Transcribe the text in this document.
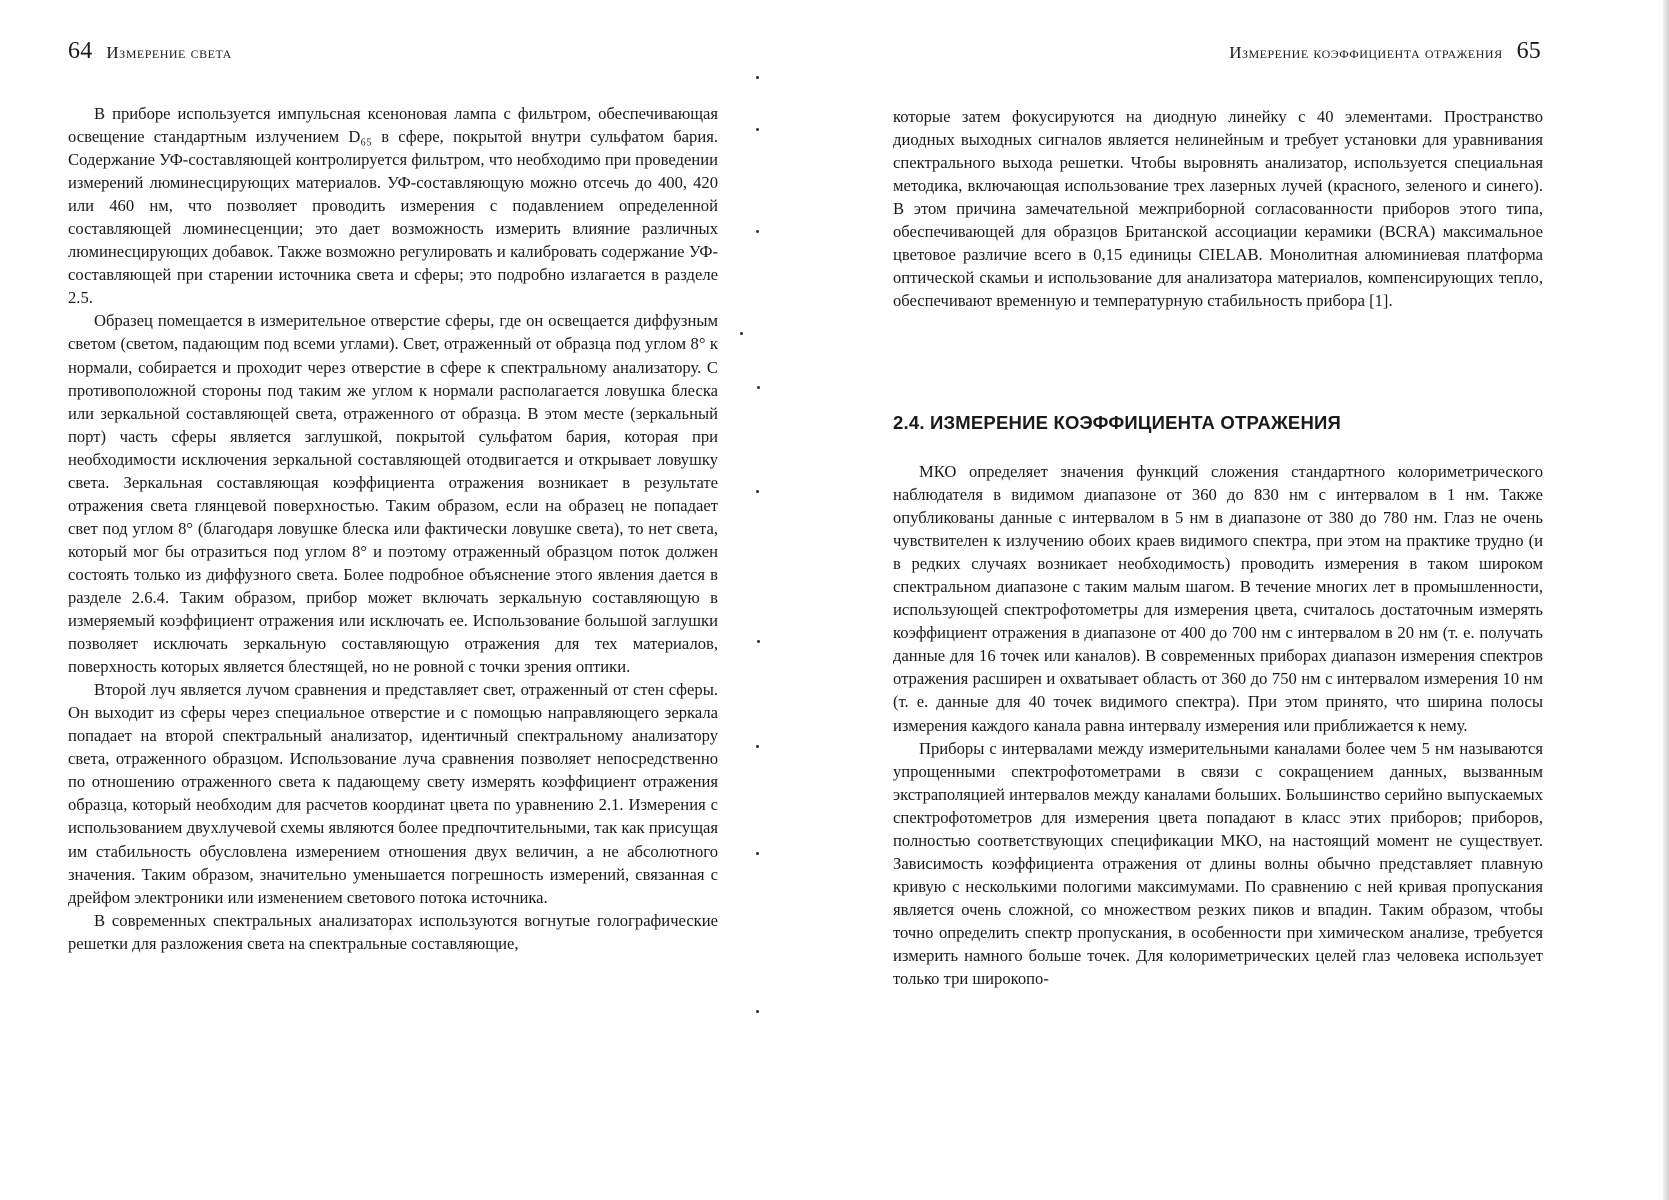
64 Измерение света

В приборе используется импульсная ксеноновая лампа с фильтром, обеспечивающая освещение стандартным излучением D₆₅ в сфере, покрытой внутри сульфатом бария. Содержание УФ-составляющей контролируется фильтром, что необходимо при проведении измерений люминесцирующих материалов. УФ-составляющую можно отсечь до 400, 420 или 460 нм, что позволяет проводить измерения с подавлением определенной составляющей люминесценции; это дает возможность измерить влияние различных люминесцирующих добавок. Также возможно регулировать и калибровать содержание УФ-составляющей при старении источника света и сферы; это подробно излагается в разделе 2.5.

Образец помещается в измерительное отверстие сферы, где он освещается диффузным светом (светом, падающим под всеми углами). Свет, отраженный от образца под углом 8° к нормали, собирается и проходит через отверстие в сфере к спектральному анализатору. С противоположной стороны под таким же углом к нормали располагается ловушка блеска или зеркальной составляющей света, отраженного от образца. В этом месте (зеркальный порт) часть сферы является заглушкой, покрытой сульфатом бария, которая при необходимости исключения зеркальной составляющей отодвигается и открывает ловушку света. Зеркальная составляющая коэффициента отражения возникает в результате отражения света глянцевой поверхностью. Таким образом, если на образец не попадает свет под углом 8° (благодаря ловушке блеска или фактически ловушке света), то нет света, который мог бы отразиться под углом 8° и поэтому отраженный образцом поток должен состоять только из диффузного света. Более подробное объяснение этого явления дается в разделе 2.6.4. Таким образом, прибор может включать зеркальную составляющую в измеряемый коэффициент отражения или исключать ее. Использование большой заглушки позволяет исключать зеркальную составляющую отражения для тех материалов, поверхность которых является блестящей, но не ровной с точки зрения оптики.

Второй луч является лучом сравнения и представляет свет, отраженный от стен сферы. Он выходит из сферы через специальное отверстие и с помощью направляющего зеркала попадает на второй спектральный анализатор, идентичный спектральному анализатору света, отраженного образцом. Использование луча сравнения позволяет непосредственно по отношению отраженного света к падающему свету измерять коэффициент отражения образца, который необходим для расчетов координат цвета по уравнению 2.1. Измерения с использованием двухлучевой схемы являются более предпочтительными, так как присущая им стабильность обусловлена измерением отношения двух величин, а не абсолютного значения. Таким образом, значительно уменьшается погрешность измерений, связанная с дрейфом электроники или изменением светового потока источника.

В современных спектральных анализаторах используются вогнутые голографические решетки для разложения света на спектральные составляющие,

Измерение коэффициента отражения 65

которые затем фокусируются на диодную линейку с 40 элементами. Пространство диодных выходных сигналов является нелинейным и требует установки для уравнивания спектрального выхода решетки. Чтобы выровнять анализатор, используется специальная методика, включающая использование трех лазерных лучей (красного, зеленого и синего). В этом причина замечательной межприборной согласованности приборов этого типа, обеспечивающей для образцов Британской ассоциации керамики (BCRA) максимальное цветовое различие всего в 0,15 единицы CIELAB. Монолитная алюминиевая платформа оптической скамьи и использование для анализатора материалов, компенсирующих тепло, обеспечивают временную и температурную стабильность прибора [1].

2.4. ИЗМЕРЕНИЕ КОЭФФИЦИЕНТА ОТРАЖЕНИЯ

МКО определяет значения функций сложения стандартного колориметрического наблюдателя в видимом диапазоне от 360 до 830 нм с интервалом в 1 нм. Также опубликованы данные с интервалом в 5 нм в диапазоне от 380 до 780 нм. Глаз не очень чувствителен к излучению обоих краев видимого спектра, при этом на практике трудно (и в редких случаях возникает необходимость) проводить измерения в таком широком спектральном диапазоне с таким малым шагом. В течение многих лет в промышленности, использующей спектрофотометры для измерения цвета, считалось достаточным измерять коэффициент отражения в диапазоне от 400 до 700 нм с интервалом в 20 нм (т. е. получать данные для 16 точек или каналов). В современных приборах диапазон измерения спектров отражения расширен и охватывает область от 360 до 750 нм с интервалом измерения 10 нм (т. е. данные для 40 точек видимого спектра). При этом принято, что ширина полосы измерения каждого канала равна интервалу измерения или приближается к нему.

Приборы с интервалами между измерительными каналами более чем 5 нм называются упрощенными спектрофотометрами в связи с сокращением данных, вызванным экстраполяцией интервалов между каналами больших. Большинство серийно выпускаемых спектрофотометров для измерения цвета попадают в класс этих приборов; приборов, полностью соответствующих спецификации МКО, на настоящий момент не существует. Зависимость коэффициента отражения от длины волны обычно представляет плавную кривую с несколькими пологими максимумами. По сравнению с ней кривая пропускания является очень сложной, со множеством резких пиков и впадин. Таким образом, чтобы точно определить спектр пропускания, в особенности при химическом анализе, требуется измерить намного больше точек. Для колориметрических целей глаз человека использует только три широкопо-
